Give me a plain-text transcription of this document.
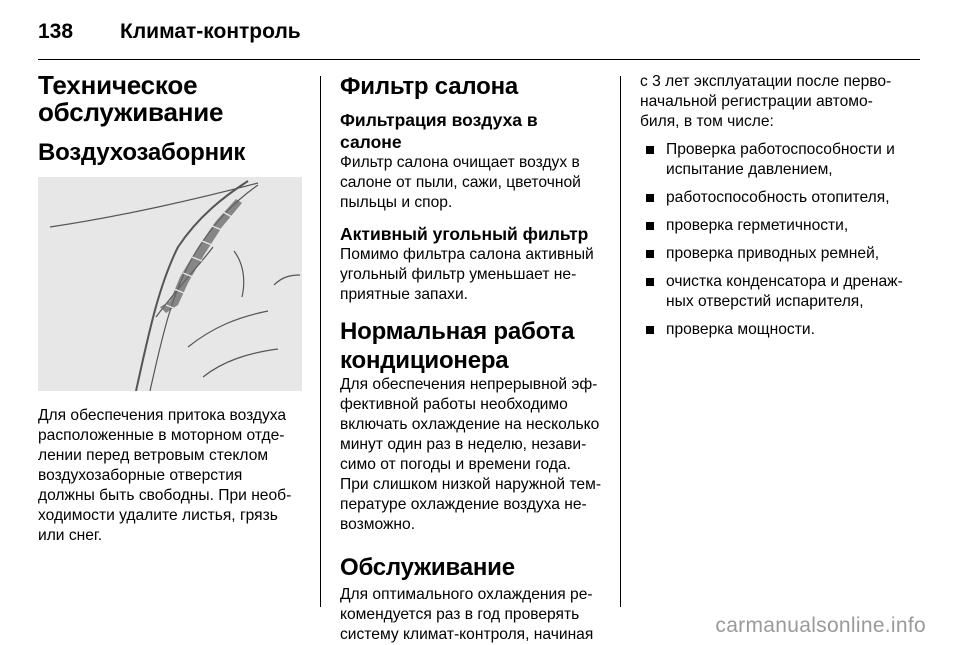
138 Климат-контроль
Техническое
обслуживание
Воздухозаборник

Для обеспечения притока воздуха
расположенные в моторном отде-
лении перед ветровым стеклом
воздухозаборные отверстия
должны быть свободны. При необ-
ходимости удалите листья, грязь
или снег.

Фильтр салона
Фильтрация воздуха в салоне

Фильтр салона очищает воздух в
салоне от пыли, сажи, цветочной
пыльцы и спор.

Активный угольный фильтр

Помимо фильтра салона активный
угольный фильтр уменьшает не-
приятные запахи.

Нормальная работа
кондиционера

Для обеспечения непрерывной эф-
фективной работы необходимо
включать охлаждение на несколько
минут один раз в неделю, незави-
симо от погоды и времени года.
При слишком низкой наружной тем-
пературе охлаждение воздуха не-
возможно.

Обслуживание

Для оптимального охлаждения ре-
комендуется раз в год проверять
систему климат-контроля, начиная

с 3 лет эксплуатации после перво-
начальной регистрации автомо-
биля, в том числе:

Проверка работоспособности и
испытание давлением,
работоспособность отопителя,
проверка герметичности,
проверка приводных ремней,
очистка конденсатора и дренаж-
ных отверстий испарителя,
проверка мощности.
carmanualsonline.info
